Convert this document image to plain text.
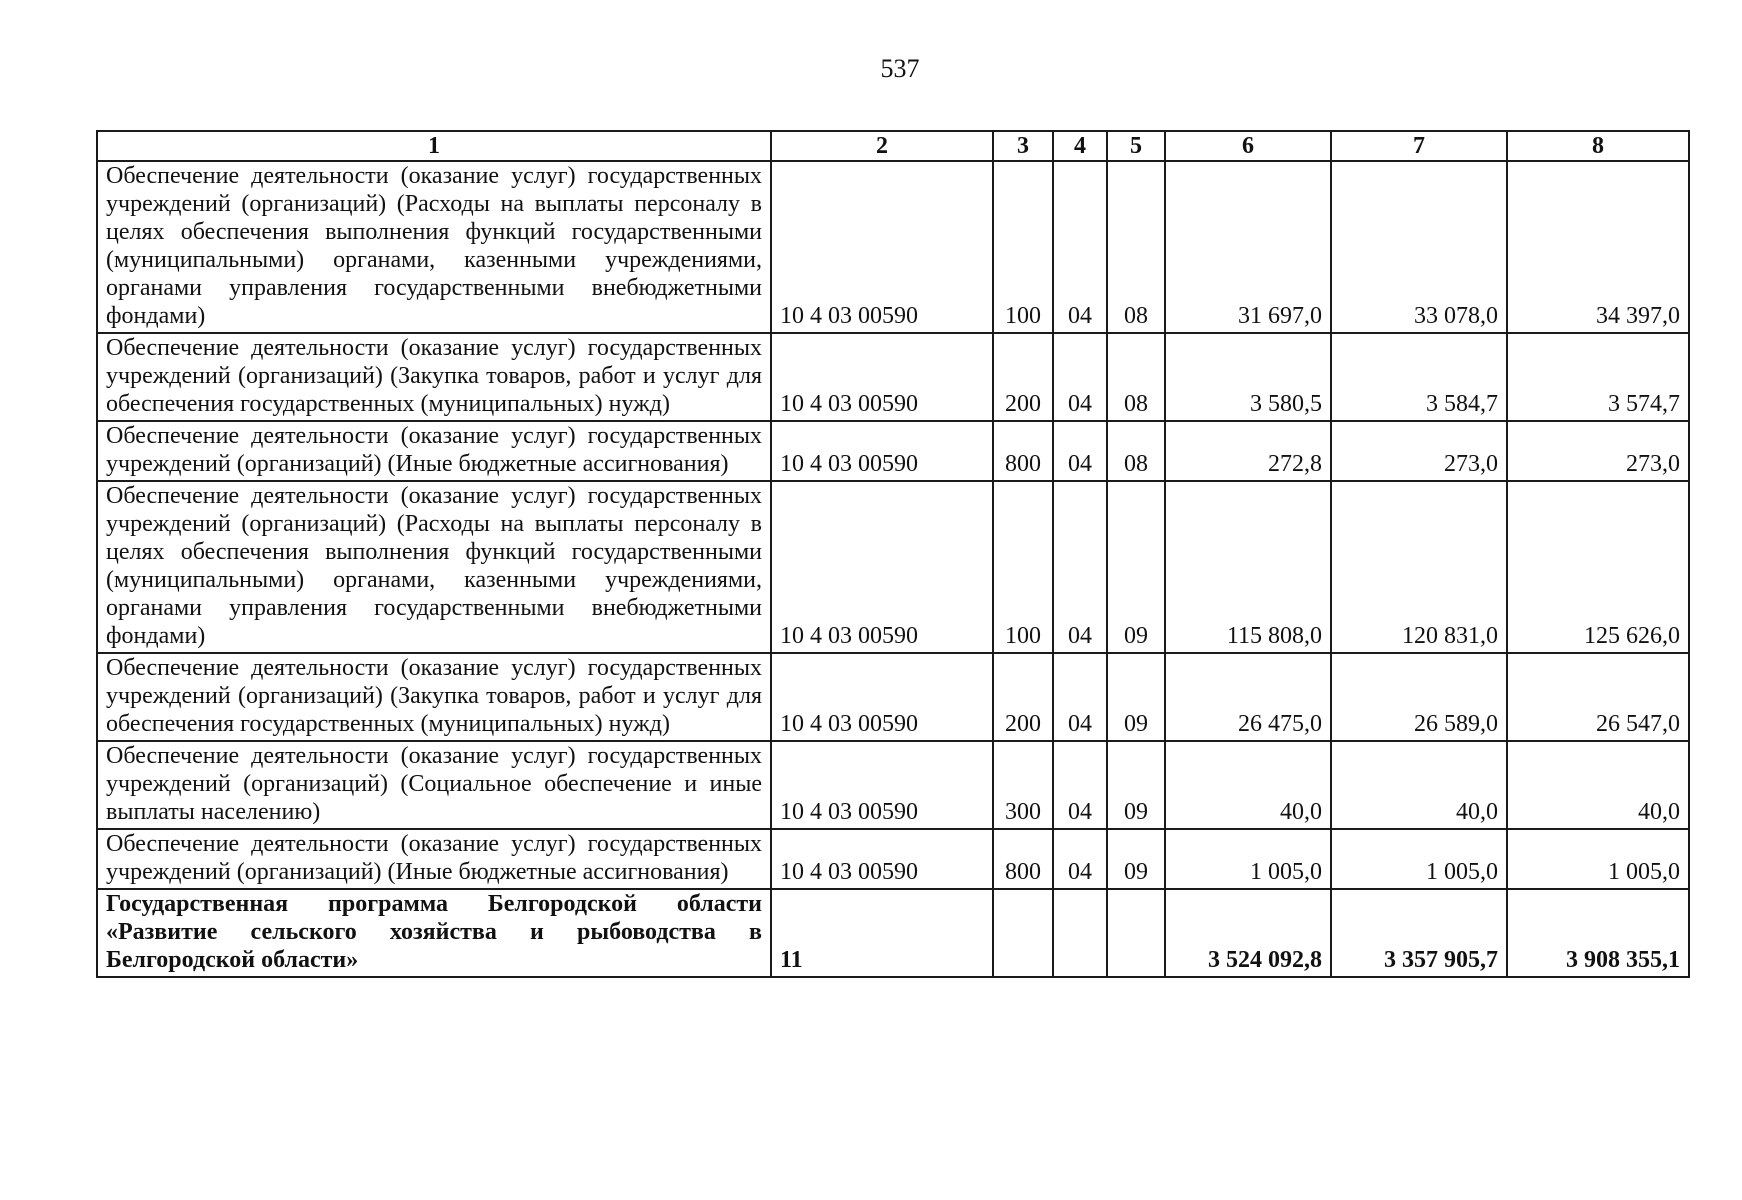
537
1	2	3	4	5	6	7	8
Обеспечение деятельности (оказание услуг) государственных учреждений (организаций) (Расходы на выплаты персоналу в целях обеспечения выполнения функций государственными (муниципальными) органами, казенными учреждениями, органами управления государственными внебюджетными фондами)	10 4 03 00590	100	04	08	31 697,0	33 078,0	34 397,0
Обеспечение деятельности (оказание услуг) государственных учреждений (организаций) (Закупка товаров, работ и услуг для обеспечения государственных (муниципальных) нужд)	10 4 03 00590	200	04	08	3 580,5	3 584,7	3 574,7
Обеспечение деятельности (оказание услуг) государственных учреждений (организаций) (Иные бюджетные ассигнования)	10 4 03 00590	800	04	08	272,8	273,0	273,0
Обеспечение деятельности (оказание услуг) государственных учреждений (организаций) (Расходы на выплаты персоналу в целях обеспечения выполнения функций государственными (муниципальными) органами, казенными учреждениями, органами управления государственными внебюджетными фондами)	10 4 03 00590	100	04	09	115 808,0	120 831,0	125 626,0
Обеспечение деятельности (оказание услуг) государственных учреждений (организаций) (Закупка товаров, работ и услуг для обеспечения государственных (муниципальных) нужд)	10 4 03 00590	200	04	09	26 475,0	26 589,0	26 547,0
Обеспечение деятельности (оказание услуг) государственных учреждений (организаций) (Социальное обеспечение и иные выплаты населению)	10 4 03 00590	300	04	09	40,0	40,0	40,0
Обеспечение деятельности (оказание услуг) государственных учреждений (организаций) (Иные бюджетные ассигнования)	10 4 03 00590	800	04	09	1 005,0	1 005,0	1 005,0
Государственная программа Белгородской области «Развитие сельского хозяйства и рыбоводства в Белгородской области»	11				3 524 092,8	3 357 905,7	3 908 355,1
